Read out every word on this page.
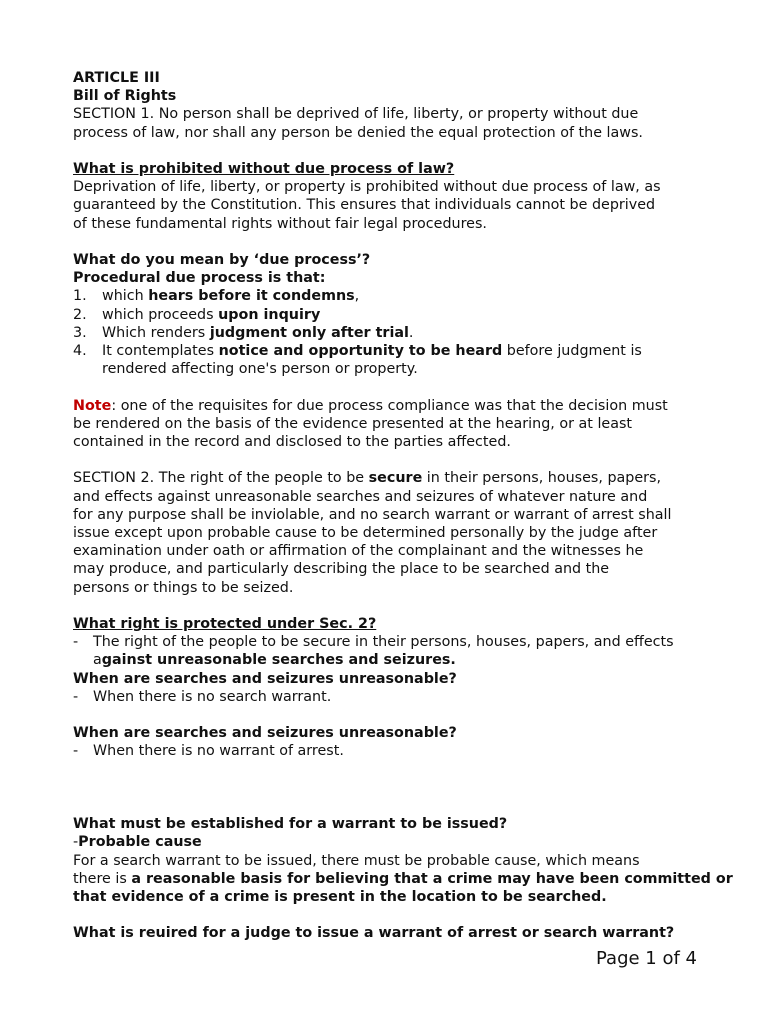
ARTICLE III
Bill of Rights
SECTION 1. No person shall be deprived of life, liberty, or property without due
process of law, nor shall any person be denied the equal protection of the laws.
What is prohibited without due process of law?
Deprivation of life, liberty, or property is prohibited without due process of law, as
guaranteed by the Constitution. This ensures that individuals cannot be deprived
of these fundamental rights without fair legal procedures.
What do you mean by ‘due process’?
Procedural due process is that:
1. which hears before it condemns,
2. which proceeds upon inquiry
3. Which renders judgment only after trial.
4. It contemplates notice and opportunity to be heard before judgment is
rendered affecting one's person or property.
Note: one of the requisites for due process compliance was that the decision must
be rendered on the basis of the evidence presented at the hearing, or at least
contained in the record and disclosed to the parties affected.
SECTION 2. The right of the people to be secure in their persons, houses, papers,
and effects against unreasonable searches and seizures of whatever nature and
for any purpose shall be inviolable, and no search warrant or warrant of arrest shall
issue except upon probable cause to be determined personally by the judge after
examination under oath or affirmation of the complainant and the witnesses he
may produce, and particularly describing the place to be searched and the
persons or things to be seized.
What right is protected under Sec. 2?
- The right of the people to be secure in their persons, houses, papers, and effects
against unreasonable searches and seizures.
When are searches and seizures unreasonable?
- When there is no search warrant.
When are searches and seizures unreasonable?
- When there is no warrant of arrest.
What must be established for a warrant to be issued?
-Probable cause
For a search warrant to be issued, there must be probable cause, which means
there is a reasonable basis for believing that a crime may have been committed or
that evidence of a crime is present in the location to be searched.
What is reuired for a judge to issue a warrant of arrest or search warrant?
Page 1 of 4
